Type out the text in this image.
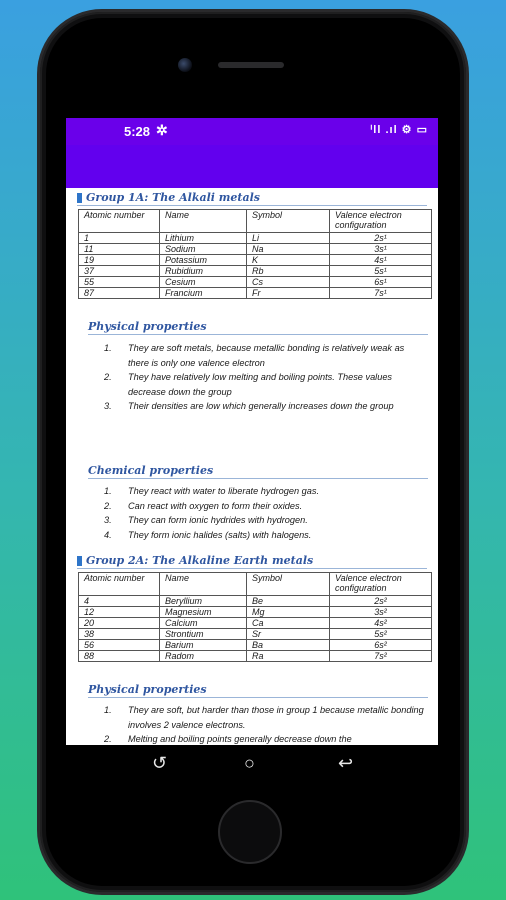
5:28 ✲	ⁱll .ıl ⚙ ▭
Group 1A: The Alkali metals
Atomic number	Name	Symbol	Valence electron configuration
1	Lithium	Li	2s¹
11	Sodium	Na	3s¹
19	Potassium	K	4s¹
37	Rubidium	Rb	5s¹
55	Cesium	Cs	6s¹
87	Francium	Fr	7s¹
Physical properties
1.	They are soft metals, because metallic bonding is relatively weak as there is only one valence electron
2.	They have relatively low melting and boiling points. These values decrease down the group
3.	Their densities are low which generally increases down the group
Chemical properties
1.	They react with water to liberate hydrogen gas.
2.	Can react with oxygen to form their oxides.
3.	They can form ionic hydrides with hydrogen.
4.	They form ionic halides (salts) with halogens.
Group 2A: The Alkaline Earth metals
Atomic number	Name	Symbol	Valence electron configuration
4	Beryllium	Be	2s²
12	Magnesium	Mg	3s²
20	Calcium	Ca	4s²
38	Strontium	Sr	5s²
56	Barium	Ba	6s²
88	Radom	Ra	7s²
Physical properties
1.	They are soft, but harder than those in group 1 because metallic bonding involves 2 valence electrons.
2.	Melting and boiling points generally decrease down the
↺	○	↩
